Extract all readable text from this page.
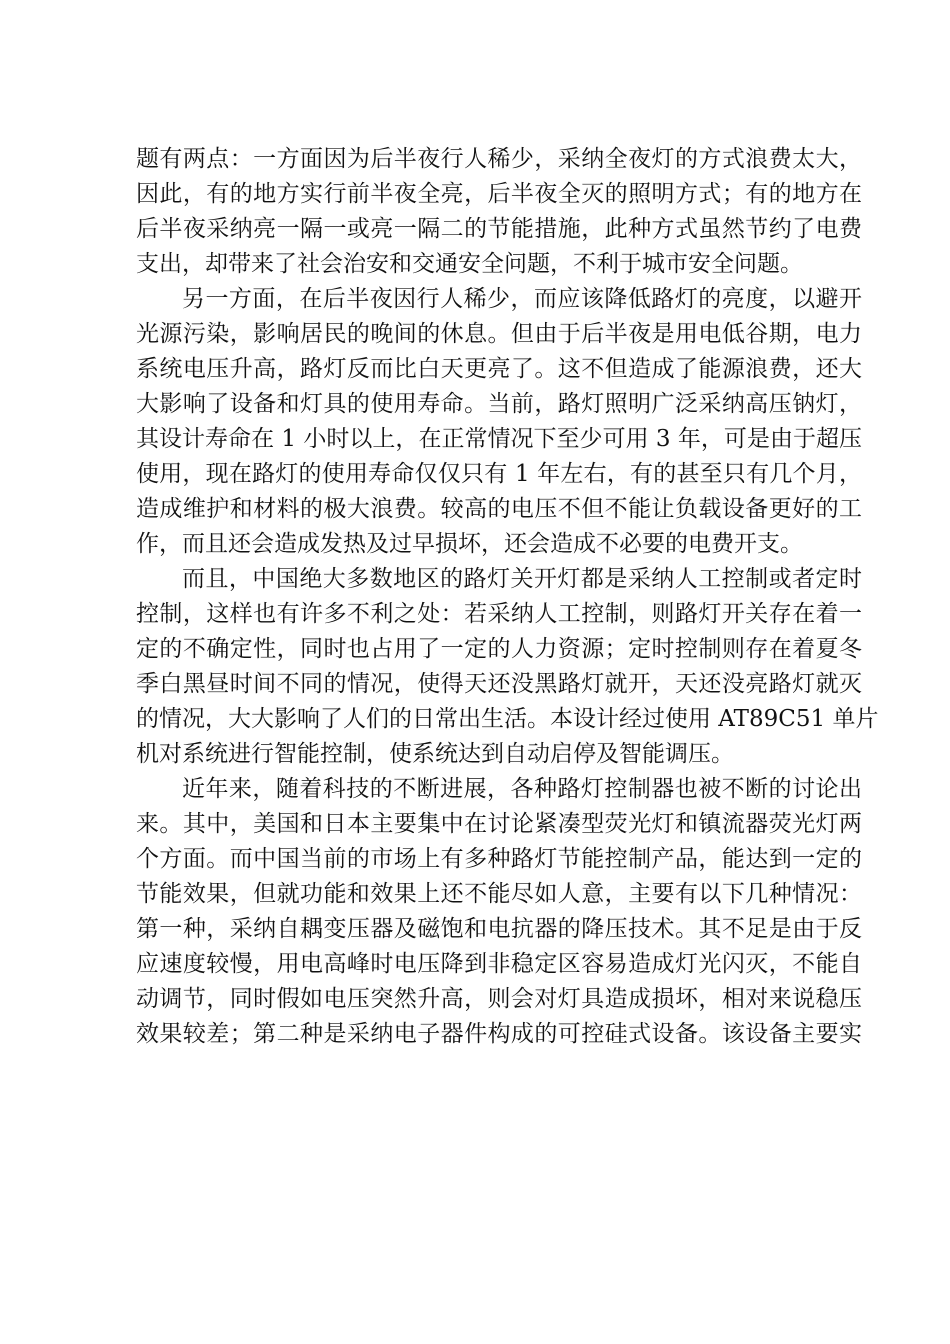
题有两点：一方面因为后半夜行人稀少，采纳全夜灯的方式浪费太大，
因此，有的地方实行前半夜全亮，后半夜全灭的照明方式；有的地方在
后半夜采纳亮一隔一或亮一隔二的节能措施，此种方式虽然节约了电费
支出，却带来了社会治安和交通安全问题，不利于城市安全问题。
另一方面，在后半夜因行人稀少，而应该降低路灯的亮度，以避开
光源污染，影响居民的晚间的休息。但由于后半夜是用电低谷期，电力
系统电压升高，路灯反而比白天更亮了。这不但造成了能源浪费，还大
大影响了设备和灯具的使用寿命。当前，路灯照明广泛采纳高压钠灯，
其设计寿命在 1 小时以上，在正常情况下至少可用 3 年，可是由于超压
使用，现在路灯的使用寿命仅仅只有 1 年左右，有的甚至只有几个月，
造成维护和材料的极大浪费。较高的电压不但不能让负载设备更好的工
作，而且还会造成发热及过早损坏，还会造成不必要的电费开支。
而且，中国绝大多数地区的路灯关开灯都是采纳人工控制或者定时
控制，这样也有许多不利之处：若采纳人工控制，则路灯开关存在着一
定的不确定性，同时也占用了一定的人力资源；定时控制则存在着夏冬
季白黑昼时间不同的情况，使得天还没黑路灯就开，天还没亮路灯就灭
的情况，大大影响了人们的日常出生活。本设计经过使用 AT89C51 单片
机对系统进行智能控制，使系统达到自动启停及智能调压。
近年来，随着科技的不断进展，各种路灯控制器也被不断的讨论出
来。其中，美国和日本主要集中在讨论紧凑型荧光灯和镇流器荧光灯两
个方面。而中国当前的市场上有多种路灯节能控制产品，能达到一定的
节能效果，但就功能和效果上还不能尽如人意，主要有以下几种情况：
第一种，采纳自耦变压器及磁饱和电抗器的降压技术。其不足是由于反
应速度较慢，用电高峰时电压降到非稳定区容易造成灯光闪灭，不能自
动调节，同时假如电压突然升高，则会对灯具造成损坏，相对来说稳压
效果较差；第二种是采纳电子器件构成的可控硅式设备。该设备主要实
